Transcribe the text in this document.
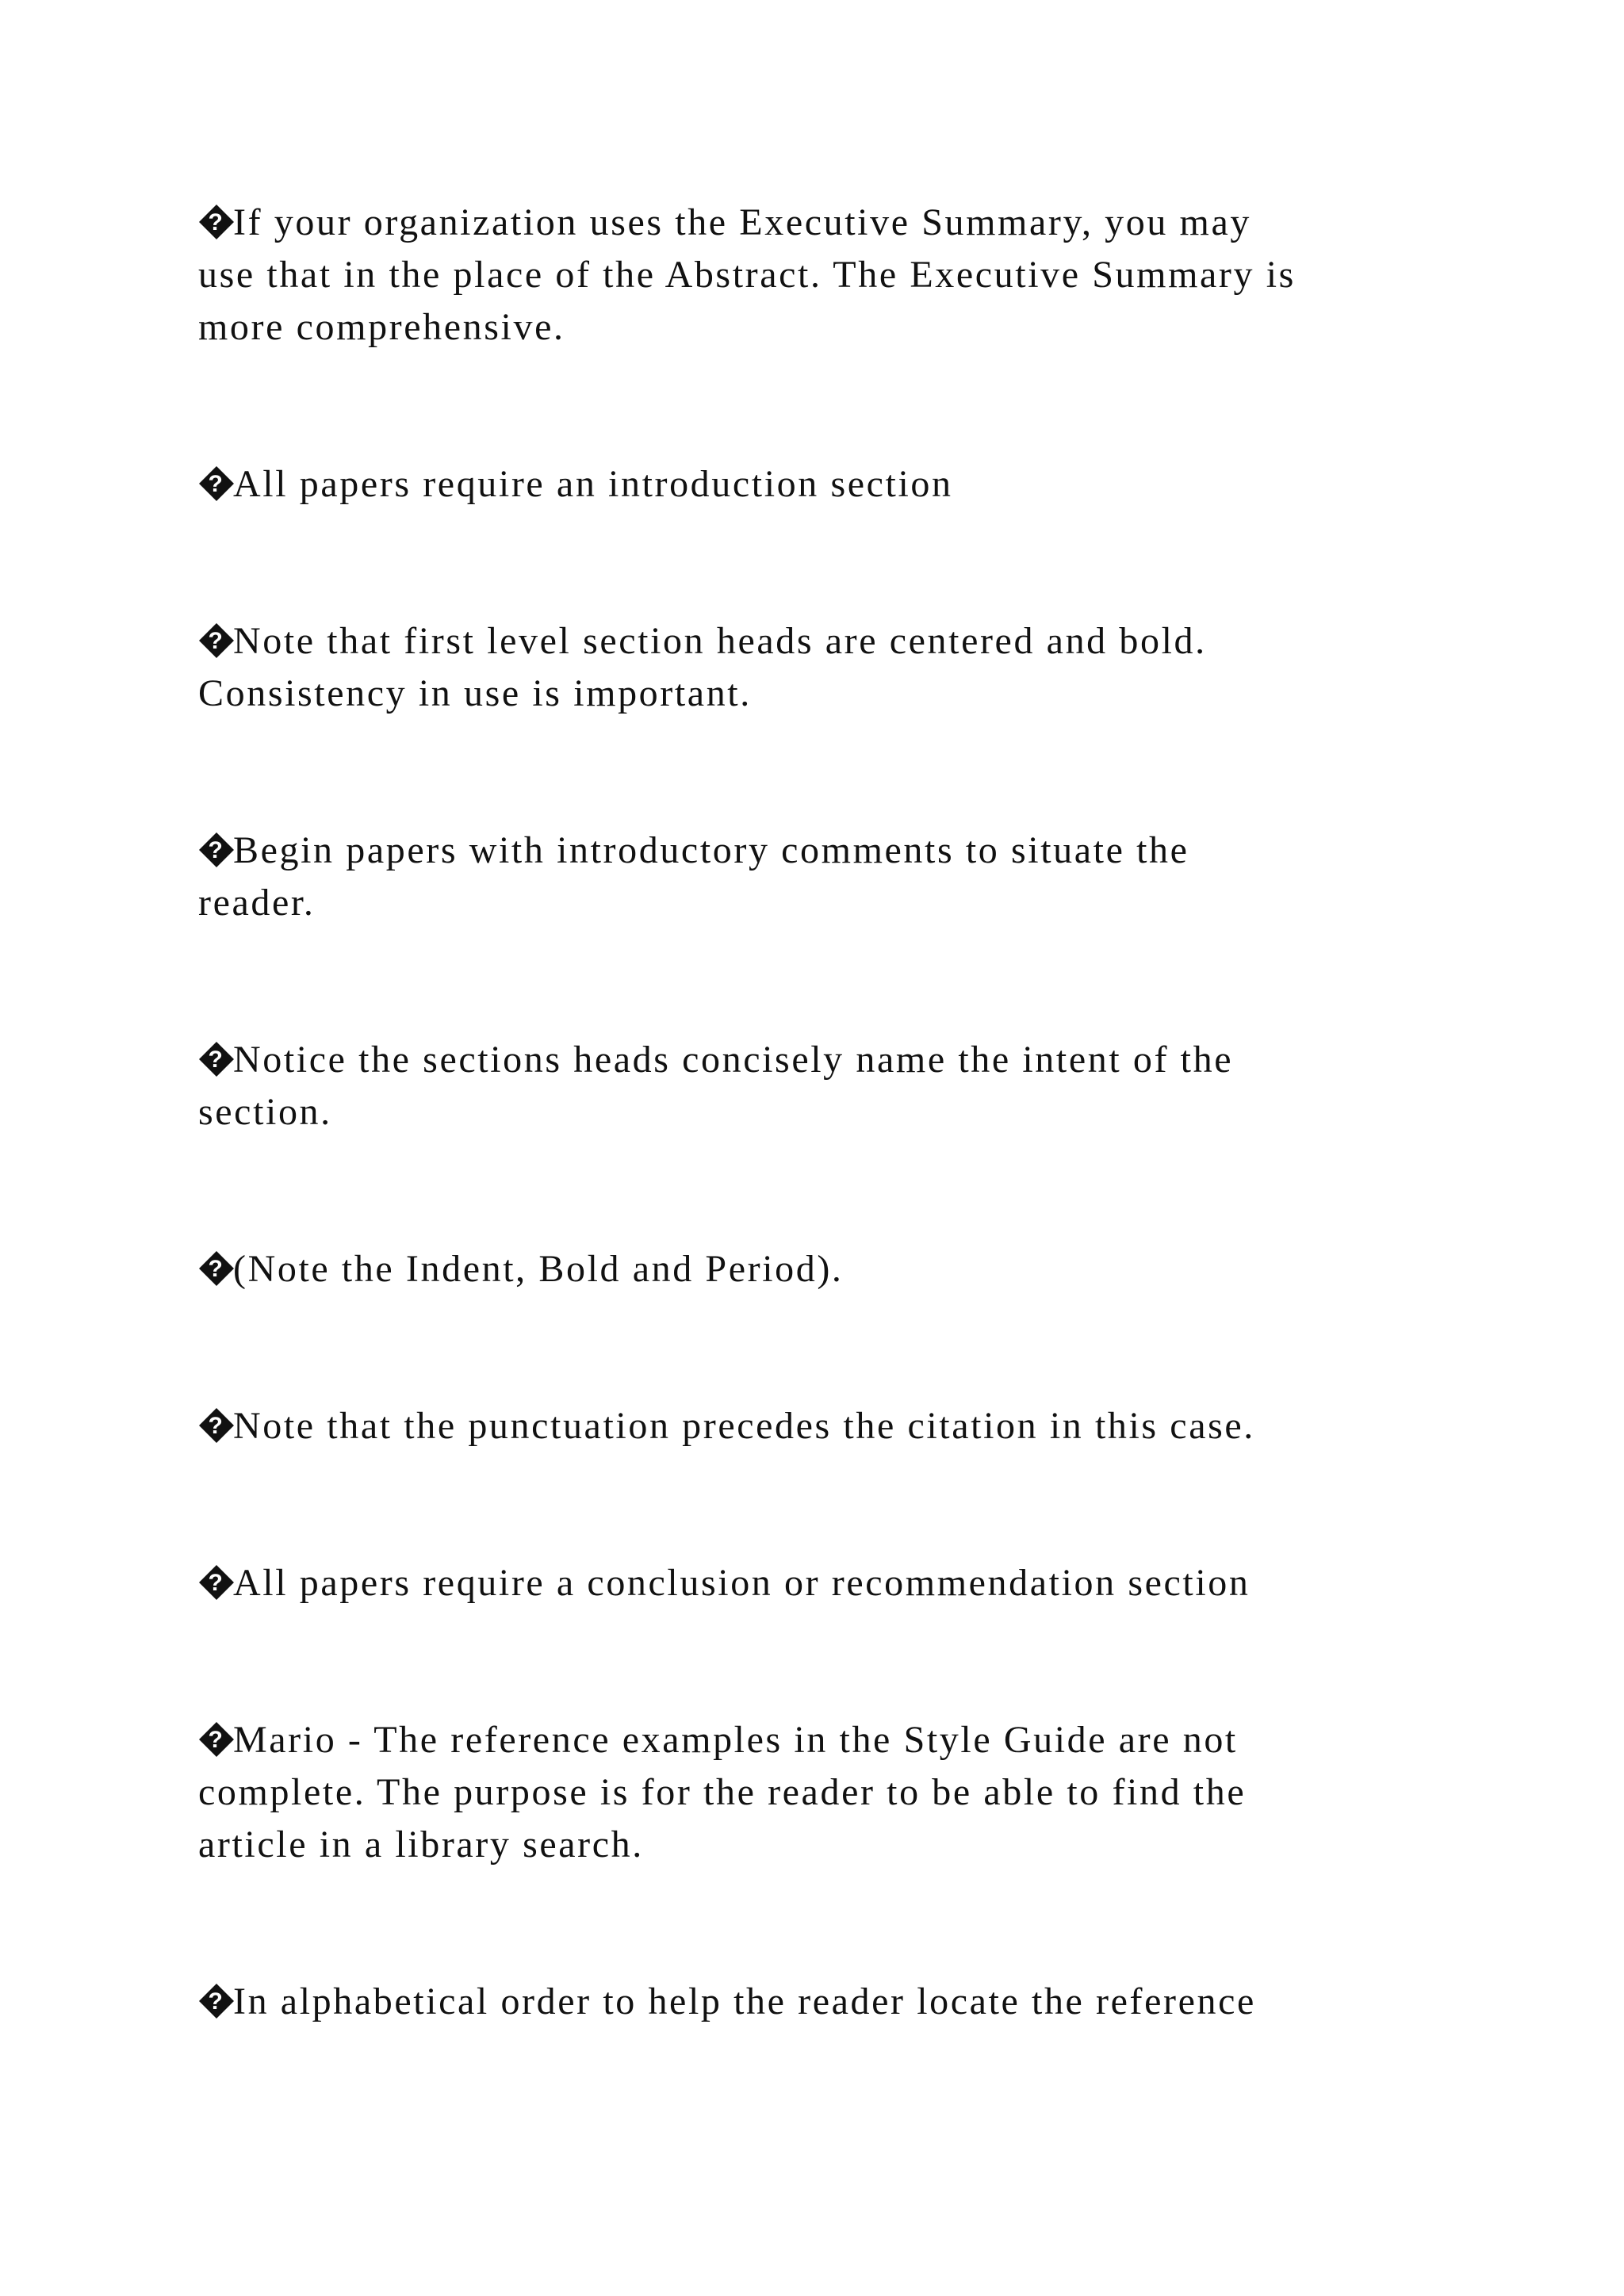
? If your organization uses the Executive Summary, you may
use that in the place of the Abstract. The Executive Summary is
more comprehensive.

? All papers require an introduction section

? Note that first level section heads are centered and bold.
Consistency in use is important.

? Begin papers with introductory comments to situate the
reader.

? Notice the sections heads concisely name the intent of the
section.

? (Note the Indent, Bold and Period).

? Note that the punctuation precedes the citation in this case.

? All papers require a conclusion or recommendation section

? Mario - The reference examples in the Style Guide are not
complete. The purpose is for the reader to be able to find the
article in a library search.

? In alphabetical order to help the reader locate the reference
